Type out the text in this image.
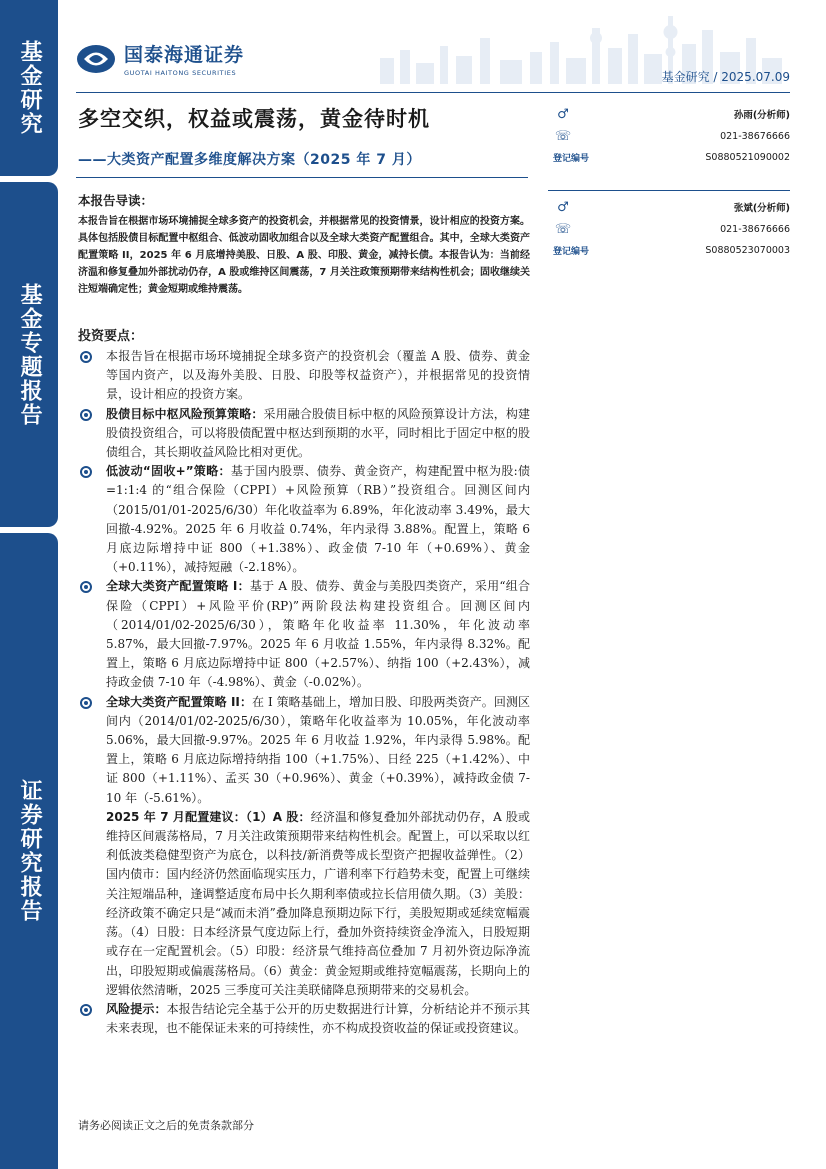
基金研究
基金专题报告
证券研究报告
国泰海通证券
GUOTAI HAITONG SECURITIES	基金研究 / 2025.07.09
多空交织，权益或震荡，黄金待时机
——大类资产配置多维度解决方案（2025 年 7 月）
♂	孙雨(分析师)
☏	021-38676666
登记编号	S0880521090002
♂	张斌(分析师)
☏	021-38676666
登记编号	S0880523070003
本报告导读：
本报告旨在根据市场环境捕捉全球多资产的投资机会，并根据常见的投资情景，设计相应的投资方案。具体包括股债目标配置中枢组合、低波动固收加组合以及全球大类资产配置组合。其中，全球大类资产配置策略 II，2025 年 6 月底增持美股、日股、A 股、印股、黄金，减持长债。本报告认为：当前经济温和修复叠加外部扰动仍存，A 股或维持区间震荡，7 月关注政策预期带来结构性机会；固收继续关注短端确定性；黄金短期或维持震荡。
投资要点：
本报告旨在根据市场环境捕捉全球多资产的投资机会（覆盖 A 股、债券、黄金等国内资产，以及海外美股、日股、印股等权益资产），并根据常见的投资情景，设计相应的投资方案。
股债目标中枢风险预算策略：采用融合股债目标中枢的风险预算设计方法，构建股债投资组合，可以将股债配置中枢达到预期的水平，同时相比于固定中枢的股债组合，其长期收益风险比相对更优。
低波动“固收+”策略：基于国内股票、债券、黄金资产，构建配置中枢为股:债=1:1:4 的“组合保险（CPPI）+风险预算（RB）”投资组合。回测区间内（2015/01/01-2025/6/30）年化收益率为 6.89%，年化波动率 3.49%，最大回撤-4.92%。2025 年 6 月收益 0.74%，年内录得 3.88%。配置上，策略 6 月底边际增持中证 800（+1.38%）、政金债 7-10 年（+0.69%）、黄金（+0.11%），减持短融（-2.18%）。
全球大类资产配置策略 I：基于 A 股、债券、黄金与美股四类资产，采用“组合保险（CPPI）+风险平价(RP)”两阶段法构建投资组合。回测区间内（2014/01/02-2025/6/30），策略年化收益率 11.30%，年化波动率 5.87%，最大回撤-7.97%。2025 年 6 月收益 1.55%，年内录得 8.32%。配置上，策略 6 月底边际增持中证 800（+2.57%）、纳指 100（+2.43%），减持政金债 7-10 年（-4.98%）、黄金（-0.02%）。
全球大类资产配置策略 II：在 I 策略基础上，增加日股、印股两类资产。回测区间内（2014/01/02-2025/6/30），策略年化收益率为 10.05%，年化波动率 5.06%，最大回撤-9.97%。2025 年 6 月收益 1.92%，年内录得 5.98%。配置上，策略 6 月底边际增持纳指 100（+1.75%）、日经 225（+1.42%）、中证 800（+1.11%）、孟买 30（+0.96%）、黄金（+0.39%），减持政金债 7-10 年（-5.61%）。
2025 年 7 月配置建议：（1）A 股：经济温和修复叠加外部扰动仍存，A 股或维持区间震荡格局，7 月关注政策预期带来结构性机会。配置上，可以采取以红利低波类稳健型资产为底仓，以科技/新消费等成长型资产把握收益弹性。（2）国内债市：国内经济仍然面临现实压力，广谱利率下行趋势未变，配置上可继续关注短端品种，逢调整适度布局中长久期利率债或拉长信用债久期。（3）美股：经济政策不确定只是“减而未消”叠加降息预期边际下行，美股短期或延续宽幅震荡。（4）日股：日本经济景气度边际上行，叠加外资持续资金净流入，日股短期或存在一定配置机会。（5）印股：经济景气维持高位叠加 7 月初外资边际净流出，印股短期或偏震荡格局。（6）黄金：黄金短期或维持宽幅震荡，长期向上的逻辑依然清晰，2025 三季度可关注美联储降息预期带来的交易机会。
风险提示：本报告结论完全基于公开的历史数据进行计算，分析结论并不预示其未来表现，也不能保证未来的可持续性，亦不构成投资收益的保证或投资建议。
请务必阅读正文之后的免责条款部分
